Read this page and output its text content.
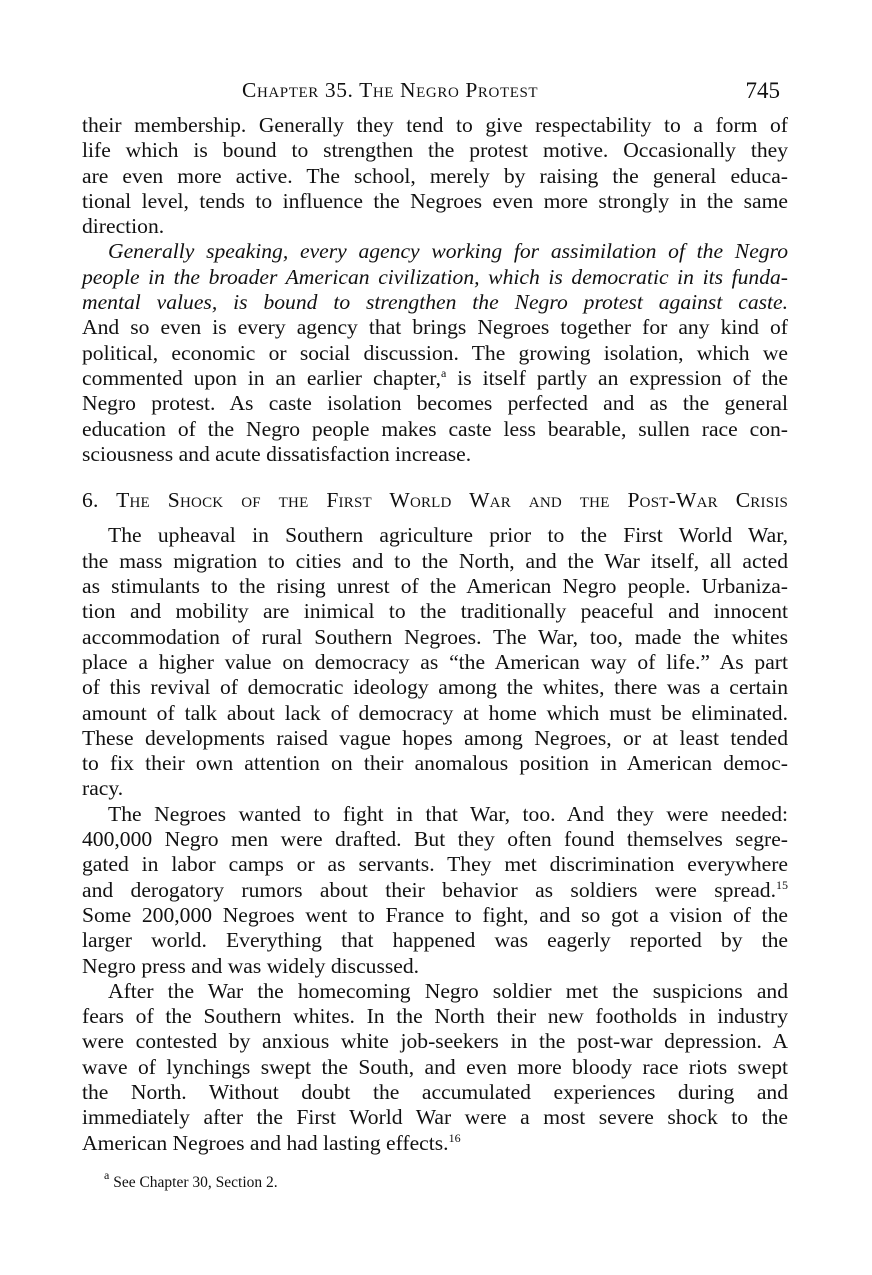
Chapter 35. The Negro Protest	745
their membership. Generally they tend to give respectability to a form of
life which is bound to strengthen the protest motive. Occasionally they
are even more active. The school, merely by raising the general educa-
tional level, tends to influence the Negroes even more strongly in the same
direction.
Generally speaking, every agency working for assimilation of the Negro
people in the broader American civilization, which is democratic in its funda-
mental values, is bound to strengthen the Negro protest against caste.
And so even is every agency that brings Negroes together for any kind of
political, economic or social discussion. The growing isolation, which we
commented upon in an earlier chapter,$^a$ is itself partly an expression of the
Negro protest. As caste isolation becomes perfected and as the general
education of the Negro people makes caste less bearable, sullen race con-
sciousness and acute dissatisfaction increase.
6. The Shock of the First World War and the Post-War Crisis
The upheaval in Southern agriculture prior to the First World War,
the mass migration to cities and to the North, and the War itself, all acted
as stimulants to the rising unrest of the American Negro people. Urbaniza-
tion and mobility are inimical to the traditionally peaceful and innocent
accommodation of rural Southern Negroes. The War, too, made the whites
place a higher value on democracy as “the American way of life.” As part
of this revival of democratic ideology among the whites, there was a certain
amount of talk about lack of democracy at home which must be eliminated.
These developments raised vague hopes among Negroes, or at least tended
to fix their own attention on their anomalous position in American democ-
racy.
The Negroes wanted to fight in that War, too. And they were needed:
400,000 Negro men were drafted. But they often found themselves segre-
gated in labor camps or as servants. They met discrimination everywhere
and derogatory rumors about their behavior as soldiers were spread.$^{15}$
Some 200,000 Negroes went to France to fight, and so got a vision of the
larger world. Everything that happened was eagerly reported by the
Negro press and was widely discussed.
After the War the homecoming Negro soldier met the suspicions and
fears of the Southern whites. In the North their new footholds in industry
were contested by anxious white job-seekers in the post-war depression. A
wave of lynchings swept the South, and even more bloody race riots swept
the North. Without doubt the accumulated experiences during and
immediately after the First World War were a most severe shock to the
American Negroes and had lasting effects.$^{16}$
$^a$ See Chapter 30, Section 2.
